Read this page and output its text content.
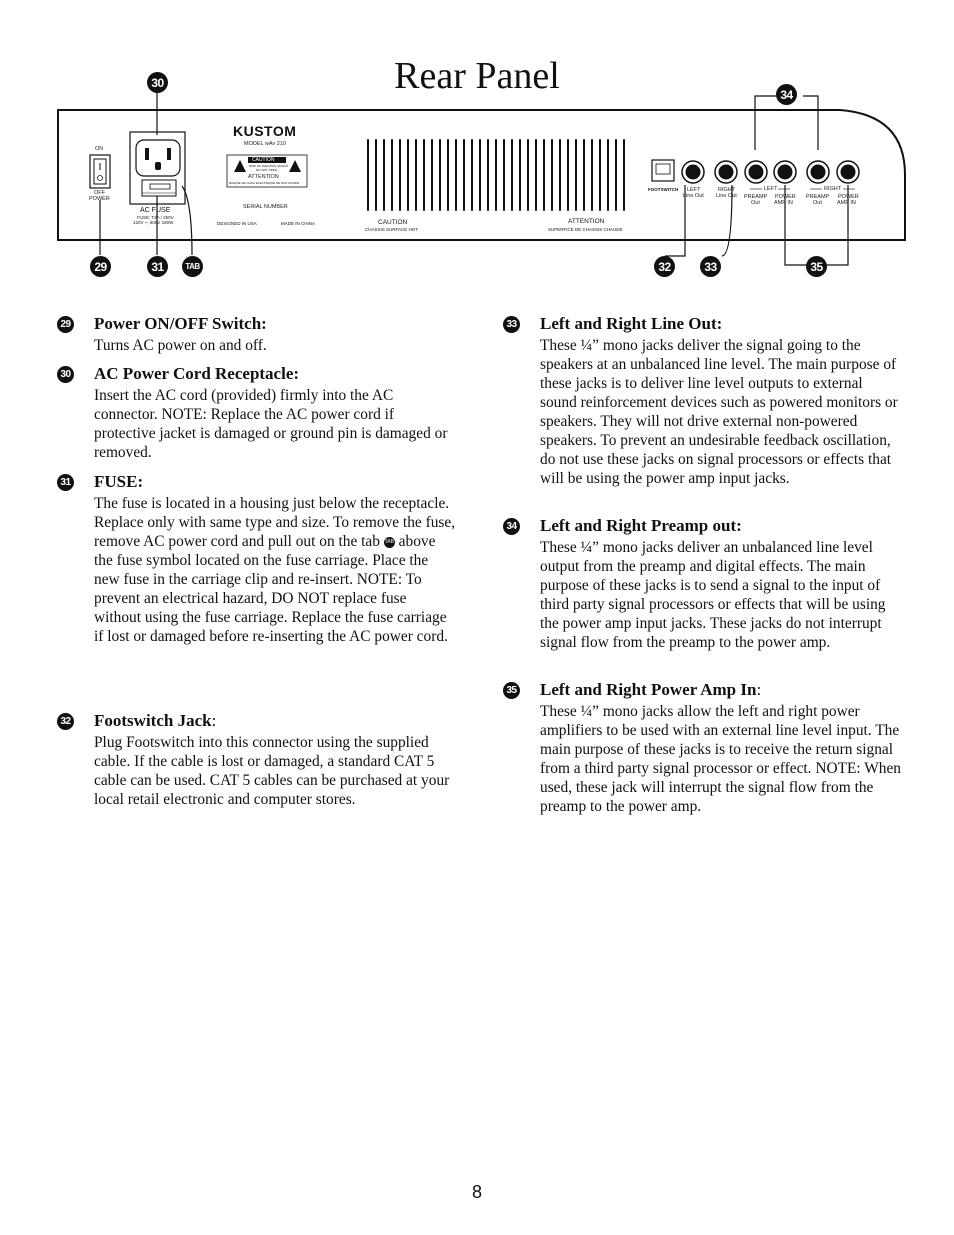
Rear Panel
30
34
29	31	TAB	32	33	35
ON
OFF
POWER
AC FUSE
FUSE: T2A / 250V
120V ~, 60Hz 180W
KUSTOM
MODEL wAv 210
CAUTION
RISK OF ELECTRIC SHOCK
DO NOT OPEN
ATTENTION
RISQUE DE CHOC ELECTRIQUE NE PAS OUVRIR
SERIAL NUMBER
DESIGNED IN USA	MADE IN CHINA	CAUTION
CHASSIS SURFACE HOT
ATTENTION
SUPERFICE DE CHASSIS CHAUDE
FOOTSWITCH LEFT
Line Out
RIGHT
Line Out
LEFT	RIGHT
PREAMP
Out
POWER
AMP IN
PREAMP
Out
POWER
AMP IN
29 Power ON/OFF Switch:
Turns AC power on and off.
30 AC Power Cord Receptacle:
Insert the AC cord (provided) firmly into the AC connector. NOTE: Replace the AC power cord if protective jacket is damaged or ground pin is damaged or removed.
31 FUSE:
The fuse is located in a housing just below the receptacle. Replace only with same type and size. To remove the fuse, remove AC power cord and pull out on the tab TAB above the fuse symbol located on the fuse carriage. Place the new fuse in the carriage clip and re-insert. NOTE: To prevent an electrical hazard, DO NOT replace fuse without using the fuse carriage. Replace the fuse carriage if lost or damaged before re-inserting the AC power cord.
32 Footswitch Jack:
Plug Footswitch into this connector using the supplied cable. If the cable is lost or damaged, a standard CAT 5 cable can be used. CAT 5 cables can be purchased at your local retail electronic and computer stores.
33 Left and Right Line Out:
These ¼” mono jacks deliver the signal going to the speakers at an unbalanced line level. The main purpose of these jacks is to deliver line level outputs to external sound reinforcement devices such as powered monitors or speakers. They will not drive external non-powered speakers. To prevent an undesirable feedback oscillation, do not use these jacks on signal processors or effects that will be using the power amp input jacks.
34 Left and Right Preamp out:
These ¼” mono jacks deliver an unbalanced line level output from the preamp and digital effects. The main purpose of these jacks is to send a signal to the input of third party signal processors or effects that will be using the power amp input jacks. These jacks do not interrupt signal flow from the preamp to the power amp.
35 Left and Right Power Amp In:
These ¼” mono jacks allow the left and right power amplifiers to be used with an external line level input. The main purpose of these jacks is to receive the return signal from a third party signal processor or effect. NOTE: When used, these jack will interrupt the signal flow from the preamp to the power amp.
8
